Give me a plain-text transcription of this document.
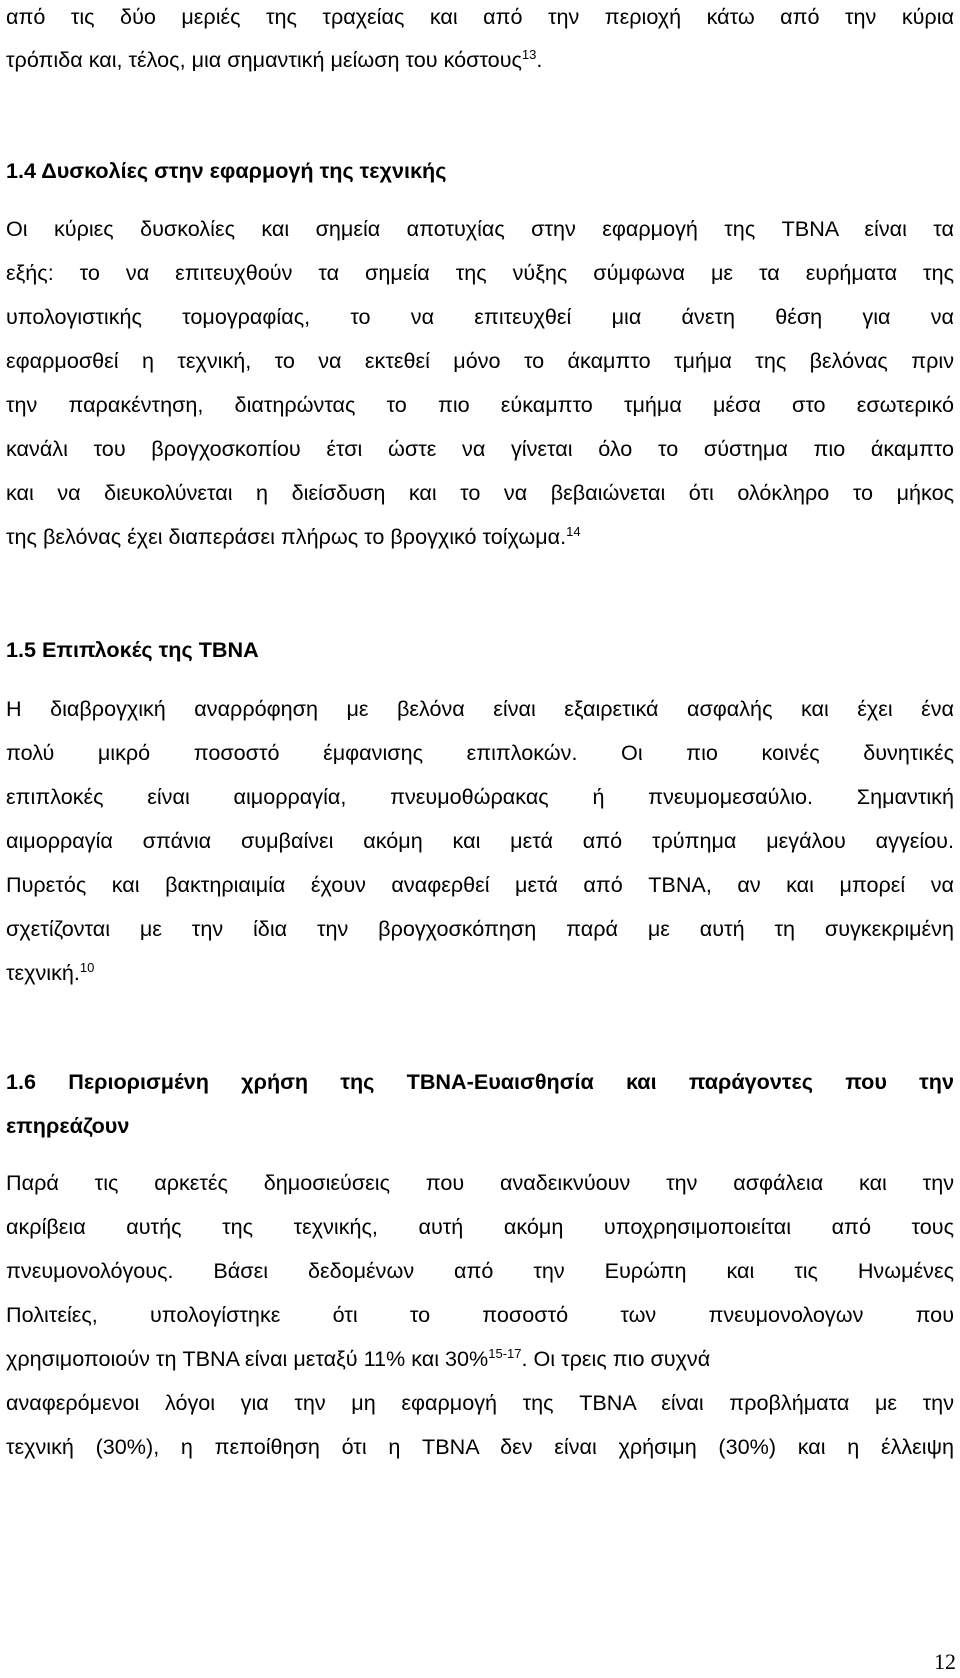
από τις δύο μεριές της τραχείας και από την περιοχή κάτω από την κύρια
τρόπιδα και, τέλος, μια σημαντική μείωση του κόστους$^{13}$.
1.4 Δυσκολίες στην εφαρμογή της τεχνικής
Οι κύριες δυσκολίες και σημεία αποτυχίας στην εφαρμογή της TBNA είναι τα
εξής: το να επιτευχθούν τα σημεία της νύξης σύμφωνα με τα ευρήματα της
υπολογιστικής τομογραφίας, το να επιτευχθεί μια άνετη θέση για να
εφαρμοσθεί η τεχνική, το να εκτεθεί μόνο το άκαμπτο τμήμα της βελόνας πριν
την παρακέντηση, διατηρώντας το πιο εύκαμπτο τμήμα μέσα στο εσωτερικό
κανάλι του βρογχοσκοπίου έτσι ώστε να γίνεται όλο το σύστημα πιο άκαμπτο
και να διευκολύνεται η διείσδυση και το να βεβαιώνεται ότι ολόκληρο το μήκος
της βελόνας έχει διαπεράσει πλήρως το βρογχικό τοίχωμα.$^{14}$
1.5 Επιπλοκές της TBNA
Η διαβρογχική αναρρόφηση με βελόνα είναι εξαιρετικά ασφαλής και έχει ένα
πολύ μικρό ποσοστό έμφανισης επιπλοκών. Οι πιο κοινές δυνητικές
επιπλοκές είναι αιμορραγία, πνευμοθώρακας ή πνευμομεσαύλιο. Σημαντική
αιμορραγία σπάνια συμβαίνει ακόμη και μετά από τρύπημα μεγάλου αγγείου.
Πυρετός και βακτηριαιμία έχουν αναφερθεί μετά από TBNA, αν και μπορεί να
σχετίζονται με την ίδια την βρογχοσκόπηση παρά με αυτή τη συγκεκριμένη
τεχνική.$^{10}$
1.6 Περιορισμένη χρήση της TBNA-Ευαισθησία και παράγοντες που την
επηρεάζουν
Παρά τις αρκετές δημοσιεύσεις που αναδεικνύουν την ασφάλεια και την
ακρίβεια αυτής της τεχνικής, αυτή ακόμη υποχρησιμοποιείται από τους
πνευμονολόγους. Βάσει δεδομένων από την Ευρώπη και τις Ηνωμένες
Πολιτείες, υπολογίστηκε ότι το ποσοστό των πνευμονολογων που
χρησιμοποιούν τη TBNA είναι μεταξύ 11% και 30%$^{15-17}$. Οι τρεις πιο συχνά
αναφερόμενοι λόγοι για την μη εφαρμογή της TBNA είναι προβλήματα με την
τεχνική (30%), η πεποίθηση ότι η TBNA δεν είναι χρήσιμη (30%) και η έλλειψη
12
